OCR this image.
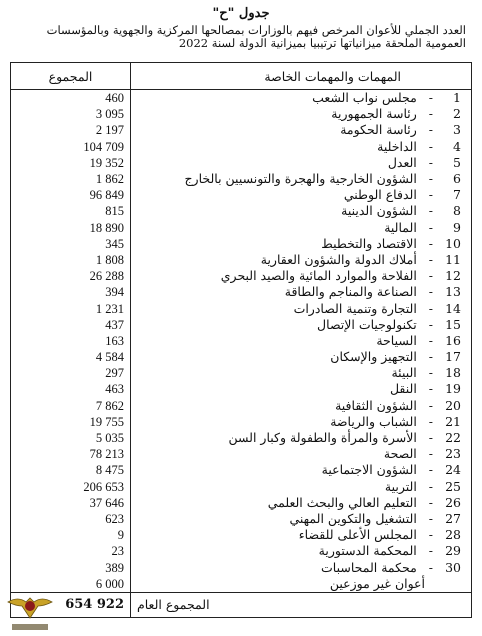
جدول "ح"
العدد الجملي للأعوان المرخص فيهم بالوزارات بمصالحها المركزية والجهوية وبالمؤسسات العمومية الملحقة ميزانياتها ترتيبيا بميزانية الدولة لسنة 2022
المجموع	المهمات والمهمات الخاصة
460	1 -مجلس نواب الشعب
3 095	2 -رئاسة الجمهورية
2 197	3 -رئاسة الحكومة
104 709	4 -الداخلية
19 352	5 -العدل
1 862	6 -الشؤون الخارجية والهجرة والتونسيين بالخارج
96 849	7 -الدفاع الوطني
815	8 -الشؤون الدينية
18 890	9 -المالية
345	10 -الاقتصاد والتخطيط
1 808	11 -أملاك الدولة والشؤون العقارية
26 288	12 -الفلاحة والموارد المائية والصيد البحري
394	13 -الصناعة والمناجم والطاقة
1 231	14 -التجارة وتنمية الصادرات
437	15 -تكنولوجيات الإتصال
163	16 -السياحة
4 584	17 -التجهيز والإسكان
297	18 -البيئة
463	19 -النقل
7 862	20 -الشؤون الثقافية
19 755	21 -الشباب والرياضة
5 035	22 -الأسرة والمرأة والطفولة وكبار السن
78 213	23 -الصحة
8 475	24 -الشؤون الاجتماعية
206 653	25 -التربية
37 646	26 -التعليم العالي والبحث العلمي
623	27 -التشغيل والتكوين المهني
9	28 -المجلس الأعلى للقضاء
23	29 -المحكمة الدستورية
389	30 -محكمة المحاسبات
6 000	أعوان غير موزعين
654 922	المجموع العام
